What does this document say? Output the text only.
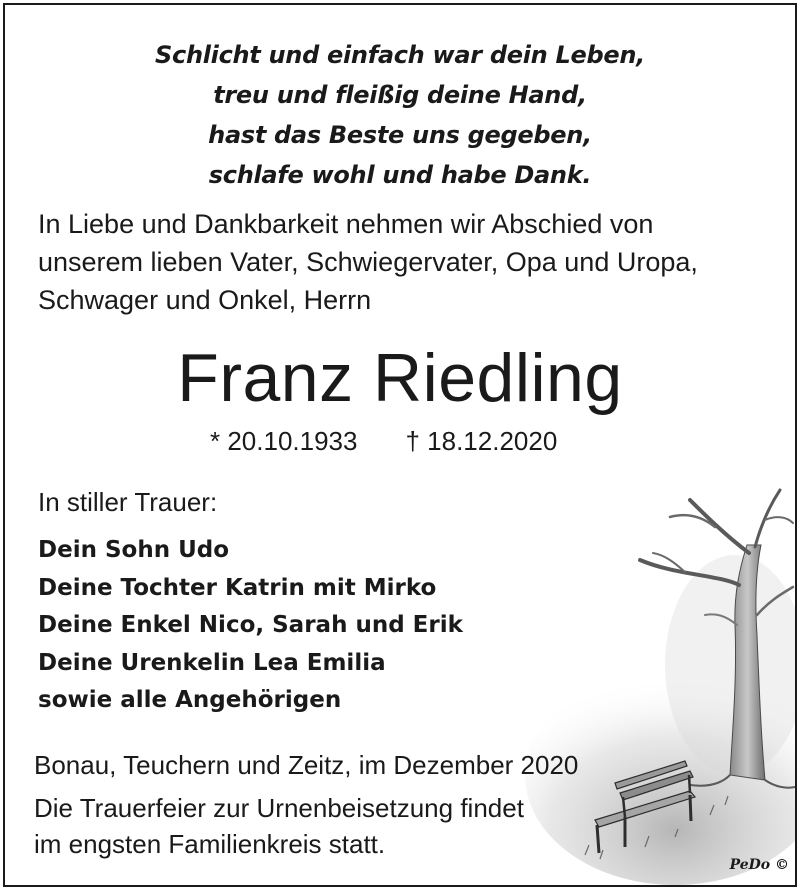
Schlicht und einfach war dein Leben,
treu und fleißig deine Hand,
hast das Beste uns gegeben,
schlafe wohl und habe Dank.
In Liebe und Dankbarkeit nehmen wir Abschied von
unserem lieben Vater, Schwiegervater, Opa und Uropa,
Schwager und Onkel, Herrn
Franz Riedling
* 20.10.1933 † 18.12.2020
In stiller Trauer:
Dein Sohn Udo
Deine Tochter Katrin mit Mirko
Deine Enkel Nico, Sarah und Erik
Deine Urenkelin Lea Emilia
sowie alle Angehörigen
Bonau, Teuchern und Zeitz, im Dezember 2020
Die Trauerfeier zur Urnenbeisetzung findet
im engsten Familienkreis statt.
PeDo ©
